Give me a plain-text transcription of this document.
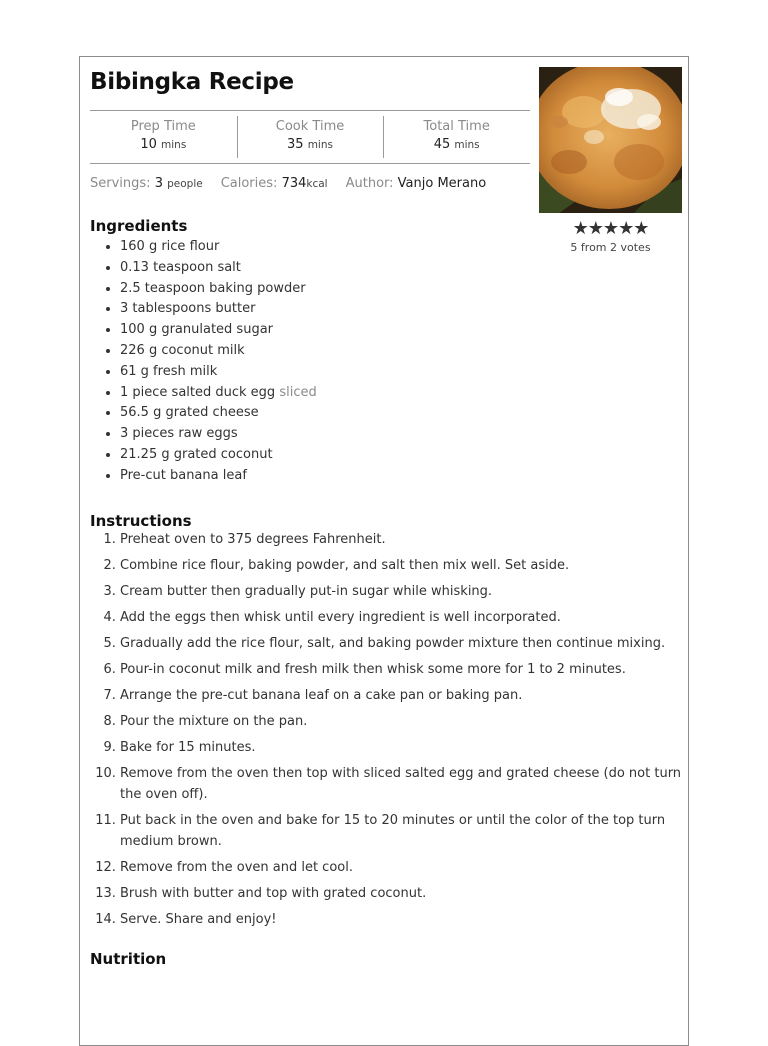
Bibingka Recipe
Prep Time
10 mins
Cook Time
35 mins
Total Time
45 mins
Servings: 3 people Calories: 734kcal Author: Vanjo Merano
★★★★★
5 from 2 votes
Ingredients
• 160 g rice flour
• 0.13 teaspoon salt
• 2.5 teaspoon baking powder
• 3 tablespoons butter
• 100 g granulated sugar
• 226 g coconut milk
• 61 g fresh milk
• 1 piece salted duck egg sliced
• 56.5 g grated cheese
• 3 pieces raw eggs
• 21.25 g grated coconut
• Pre-cut banana leaf
Instructions
1. Preheat oven to 375 degrees Fahrenheit.
2. Combine rice flour, baking powder, and salt then mix well. Set aside.
3. Cream butter then gradually put-in sugar while whisking.
4. Add the eggs then whisk until every ingredient is well incorporated.
5. Gradually add the rice flour, salt, and baking powder mixture then continue mixing.
6. Pour-in coconut milk and fresh milk then whisk some more for 1 to 2 minutes.
7. Arrange the pre-cut banana leaf on a cake pan or baking pan.
8. Pour the mixture on the pan.
9. Bake for 15 minutes.
10. Remove from the oven then top with sliced salted egg and grated cheese (do not turn the oven off).
11. Put back in the oven and bake for 15 to 20 minutes or until the color of the top turn medium brown.
12. Remove from the oven and let cool.
13. Brush with butter and top with grated coconut.
14. Serve. Share and enjoy!
Nutrition
